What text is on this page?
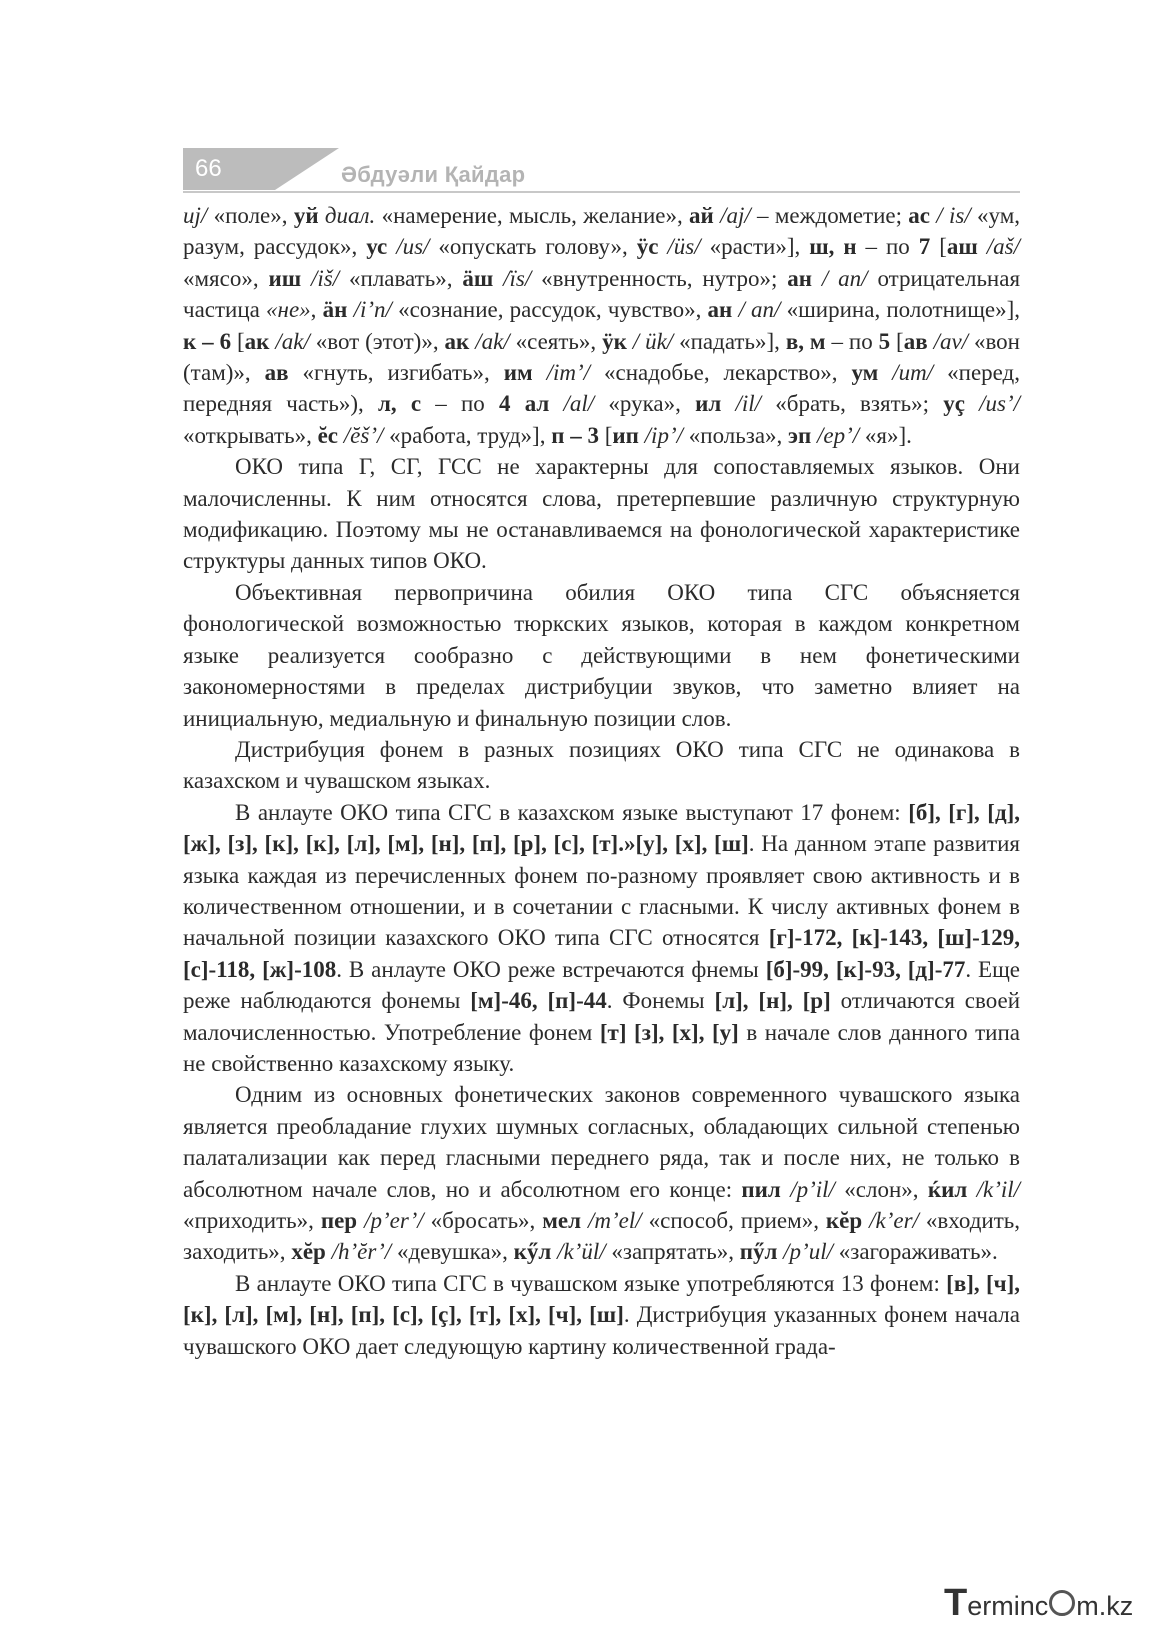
66	Әбдуәли Қайдар

uj/ «поле», уй диал. «намерение, мысль, желание», ай /aj/ – междометие; ас / is/ «ум, разум, рассудок», ус /us/ «опускать голову», ӱс /üs/ «расти»], ш, н – по 7 [аш /aš/ «мясо», иш /iš/ «плавать», ӓш /ïs/ «внутренность, нутро»; ан / an/ отрицательная частица «не», ӓн /i’n/ «сознание, рассудок, чувство», ан / an/ «ширина, полотнище»], к – 6 [ак /ak/ «вот (этот)», ак /ak/ «сеять», ӱк / ük/ «падать»], в, м – по 5 [ав /av/ «вон (там)», ав «гнуть, изгибать», им /im’/ «снадобье, лекарство», ум /um/ «перед, передняя часть»), л, с – по 4 ал /al/ «рука», ил /il/ «брать, взять»; уç /us’/ «открывать», ĕс /ĕš’/ «работа, труд»], п – 3 [ип /ip’/ «польза», эп /ep’/ «я»].

ОКО типа Г, СГ, ГСС не характерны для сопоставляемых языков. Они малочисленны. К ним относятся слова, претерпевшие различную структурную модификацию. Поэтому мы не останавливаемся на фонологической характеристике структуры данных типов ОКО.

Объективная первопричина обилия ОКО типа СГС объясняется фонологической возможностью тюркских языков, которая в каждом конкретном языке реализуется сообразно с действующими в нем фонетическими закономерностями в пределах дистрибуции звуков, что заметно влияет на инициальную, медиальную и финальную позиции слов.

Дистрибуция фонем в разных позициях ОКО типа СГС не одинакова в казахском и чувашском языках.

В анлауте ОКО типа СГС в казахском языке выступают 17 фонем: [б], [г], [д], [ж], [з], [к], [к], [л], [м], [н], [п], [р], [с], [т].»[у], [х], [ш]. На данном этапе развития языка каждая из перечисленных фонем по-разному проявляет свою активность и в количественном отношении, и в сочетании с гласными. К числу активных фонем в начальной позиции казахского ОКО типа СГС относятся [г]-172, [к]-143, [ш]-129, [с]-118, [ж]-108. В анлауте ОКО реже встречаются фнемы [б]-99, [к]-93, [д]-77. Еще реже наблюдаются фонемы [м]-46, [п]-44. Фонемы [л], [н], [р] отличаются своей малочисленностью. Употребление фонем [т] [з], [х], [у] в начале слов данного типа не свойственно казахскому языку.

Одним из основных фонетических законов современного чувашского языка является преобладание глухих шумных согласных, обладающих сильной степенью палатализации как перед гласными переднего ряда, так и после них, не только в абсолютном начале слов, но и абсолютном его конце: пил /p’il/ «слон», ќил /k’il/ «приходить», пер /p’er’/ «бросать», мел /m’el/ «способ, прием», кĕр /k’er/ «входить, заходить», хĕр /h’ĕr’/ «девушка», кӳл /k’ül/ «запрятать», пӳл /p’ul/ «загораживать».

В анлауте ОКО типа СГС в чувашском языке употребляются 13 фонем: [в], [ч], [к], [л], [м], [н], [п], [с], [ç], [т], [х], [ч], [ш]. Дистрибуция указанных фонем начала чувашского ОКО дает следующую картину количественной града-

Terminc m.kz
